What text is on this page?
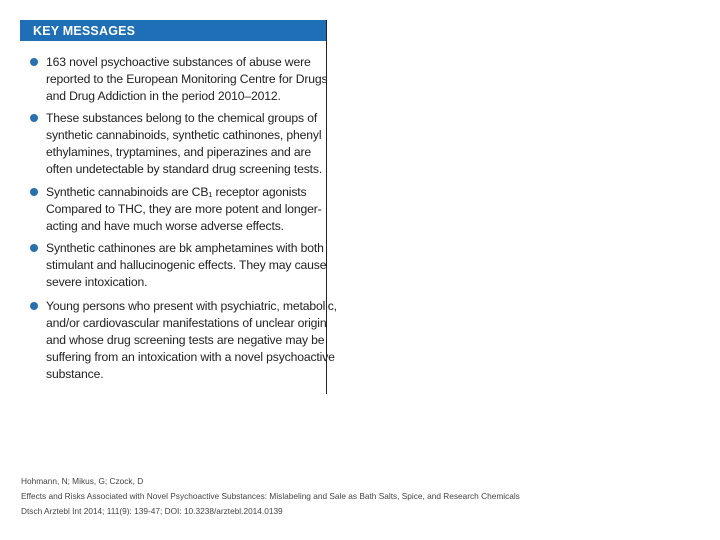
KEY MESSAGES
163 novel psychoactive substances of abuse were
reported to the European Monitoring Centre for Drugs
and Drug Addiction in the period 2010–2012.
These substances belong to the chemical groups of
synthetic cannabinoids, synthetic cathinones, phenyl
ethylamines, tryptamines, and piperazines and are
often undetectable by standard drug screening tests.
Synthetic cannabinoids are CB₁ receptor agonists
Compared to THC, they are more potent and longer-
acting and have much worse adverse effects.
Synthetic cathinones are bk amphetamines with both
stimulant and hallucinogenic effects. They may cause
severe intoxication.
Young persons who present with psychiatric, metabolic,
and/or cardiovascular manifestations of unclear origin
and whose drug screening tests are negative may be
suffering from an intoxication with a novel psychoactive
substance.
Hohmann, N; Mikus, G; Czock, D
Effects and Risks Associated with Novel Psychoactive Substances: Mislabeling and Sale as Bath Salts, Spice, and Research Chemicals
Dtsch Arztebl Int 2014; 111(9): 139-47; DOI: 10.3238/arztebl.2014.0139
